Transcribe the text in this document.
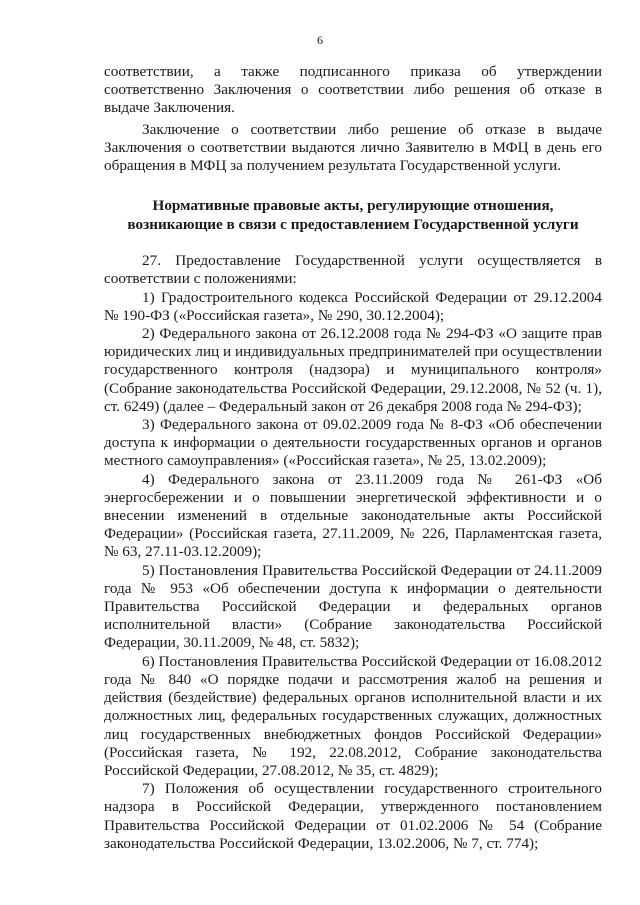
6

соответствии, а также подписанного приказа об утверждении соответственно Заключения о соответствии либо решения об отказе в выдаче Заключения.

Заключение о соответствии либо решение об отказе в выдаче Заключения о соответствии выдаются лично Заявителю в МФЦ в день его обращения в МФЦ за получением результата Государственной услуги.

Нормативные правовые акты, регулирующие отношения,
возникающие в связи с предоставлением Государственной услуги

27. Предоставление Государственной услуги осуществляется в соответствии с положениями:

1) Градостроительного кодекса Российской Федерации от 29.12.2004 № 190-ФЗ («Российская газета», № 290, 30.12.2004);

2) Федерального закона от 26.12.2008 года № 294-ФЗ «О защите прав юридических лиц и индивидуальных предпринимателей при осуществлении государственного контроля (надзора) и муниципального контроля» (Собрание законодательства Российской Федерации, 29.12.2008, № 52 (ч. 1), ст. 6249) (далее – Федеральный закон от 26 декабря 2008 года № 294-ФЗ);

3) Федерального закона от 09.02.2009 года № 8-ФЗ «Об обеспечении доступа к информации о деятельности государственных органов и органов местного самоуправления» («Российская газета», № 25, 13.02.2009);

4) Федерального закона от 23.11.2009 года № 261-ФЗ «Об энергосбережении и о повышении энергетической эффективности и о внесении изменений в отдельные законодательные акты Российской Федерации» (Российская газета, 27.11.2009, № 226, Парламентская газета, № 63, 27.11-03.12.2009);

5) Постановления Правительства Российской Федерации от 24.11.2009 года № 953 «Об обеспечении доступа к информации о деятельности Правительства Российской Федерации и федеральных органов исполнительной власти» (Собрание законодательства Российской Федерации, 30.11.2009, № 48, ст. 5832);

6) Постановления Правительства Российской Федерации от 16.08.2012 года № 840 «О порядке подачи и рассмотрения жалоб на решения и действия (бездействие) федеральных органов исполнительной власти и их должностных лиц, федеральных государственных служащих, должностных лиц государственных внебюджетных фондов Российской Федерации» (Российская газета, № 192, 22.08.2012, Собрание законодательства Российской Федерации, 27.08.2012, № 35, ст. 4829);

7) Положения об осуществлении государственного строительного надзора в Российской Федерации, утвержденного постановлением Правительства Российской Федерации от 01.02.2006 № 54 (Собрание законодательства Российской Федерации, 13.02.2006, № 7, ст. 774);
